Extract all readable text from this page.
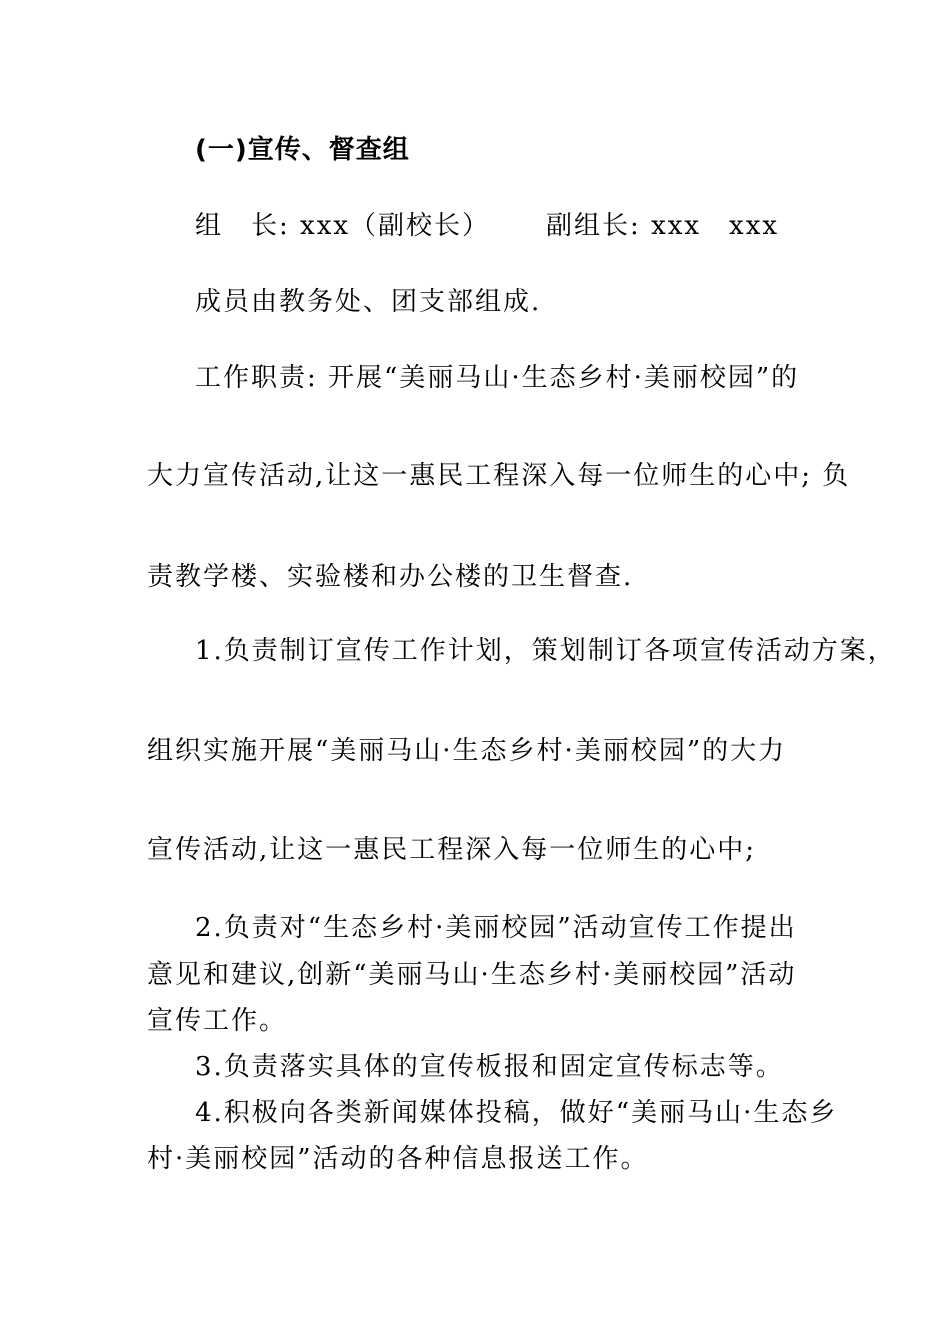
(一)宣传、督查组
组　长: xxx（副校长） 副组长: xxx　xxx
成员由教务处、团支部组成.
工作职责: 开展“美丽马山·生态乡村·美丽校园”的
大力宣传活动,让这一惠民工程深入每一位师生的心中; 负
责教学楼、实验楼和办公楼的卫生督查.
1.负责制订宣传工作计划，策划制订各项宣传活动方案，
组织实施开展“美丽马山·生态乡村·美丽校园”的大力
宣传活动,让这一惠民工程深入每一位师生的心中;
2.负责对“生态乡村·美丽校园”活动宣传工作提出
意见和建议,创新“美丽马山·生态乡村·美丽校园”活动
宣传工作。
3.负责落实具体的宣传板报和固定宣传标志等。
4.积极向各类新闻媒体投稿，做好“美丽马山·生态乡
村·美丽校园”活动的各种信息报送工作。
